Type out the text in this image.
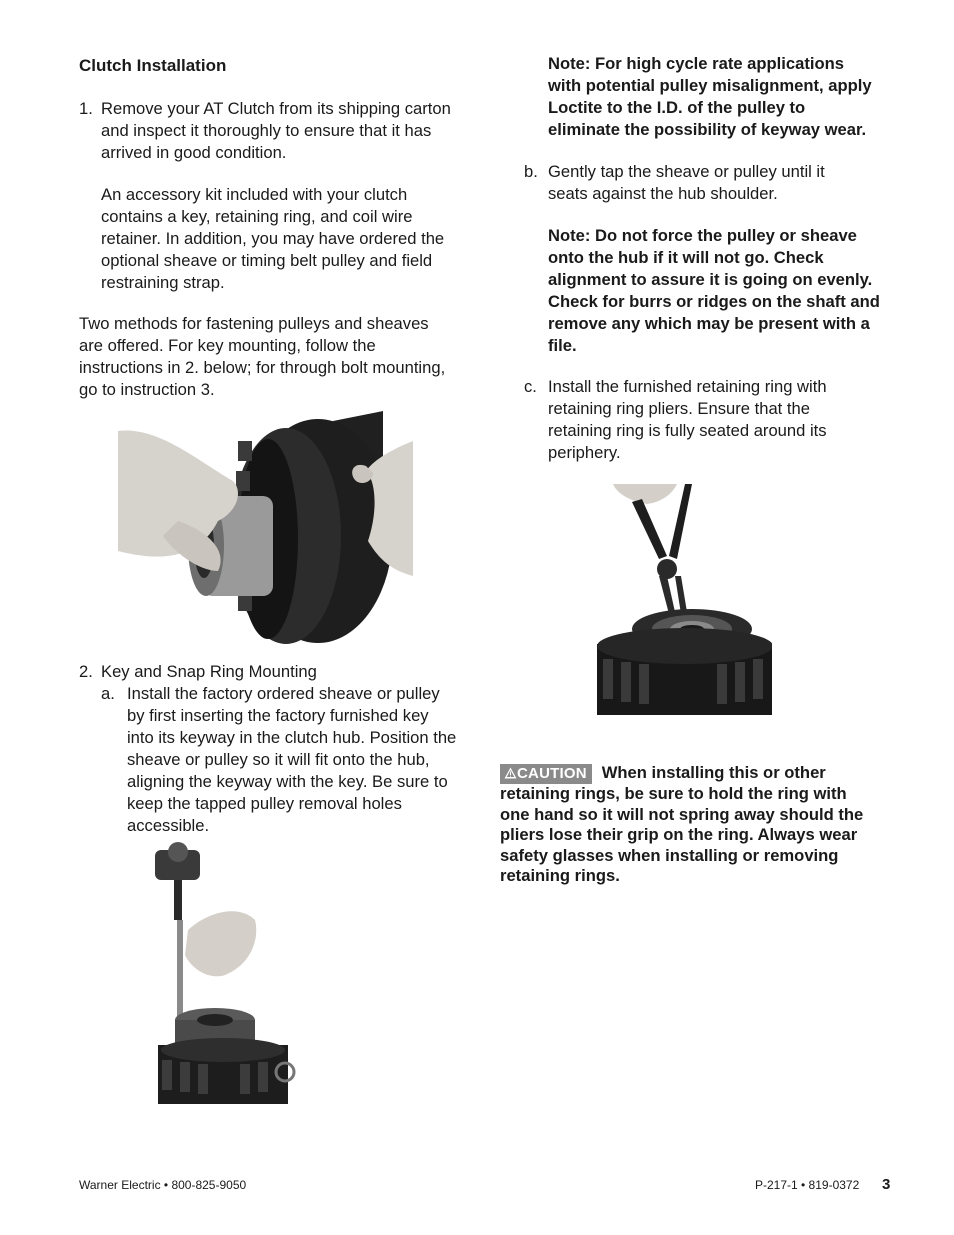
Clutch Installation
1. Remove your AT Clutch from its shipping carton and inspect it thoroughly to ensure that it has arrived in good condition.
An accessory kit included with your clutch contains a key, retaining ring, and coil wire retainer. In addition, you may have ordered the optional sheave or timing belt pulley and field restraining strap.
Two methods for fastening pulleys and sheaves are offered. For key mounting, follow the instructions in 2. below; for through bolt mounting, go to instruction 3.
2. Key and Snap Ring Mounting
a. Install the factory ordered sheave or pulley by first inserting the factory furnished key into its keyway in the clutch hub. Position the sheave or pulley so it will fit onto the hub, aligning the keyway with the key. Be sure to keep the tapped pulley removal holes accessible.
Note: For high cycle rate applications with potential pulley misalignment, apply Loctite to the I.D. of the pulley to eliminate the possibility of keyway wear.
b. Gently tap the sheave or pulley until it seats against the hub shoulder.
Note: Do not force the pulley or sheave onto the hub if it will not go. Check alignment to assure it is going on evenly. Check for burrs or ridges on the shaft and remove any which may be present with a file.
c. Install the furnished retaining ring with retaining ring pliers. Ensure that the retaining ring is fully seated around its periphery.
CAUTION When installing this or other retaining rings, be sure to hold the ring with one hand so it will not spring away should the pliers lose their grip on the ring. Always wear safety glasses when installing or removing retaining rings.
Warner Electric • 800-825-9050	P-217-1 • 819-0372 3
